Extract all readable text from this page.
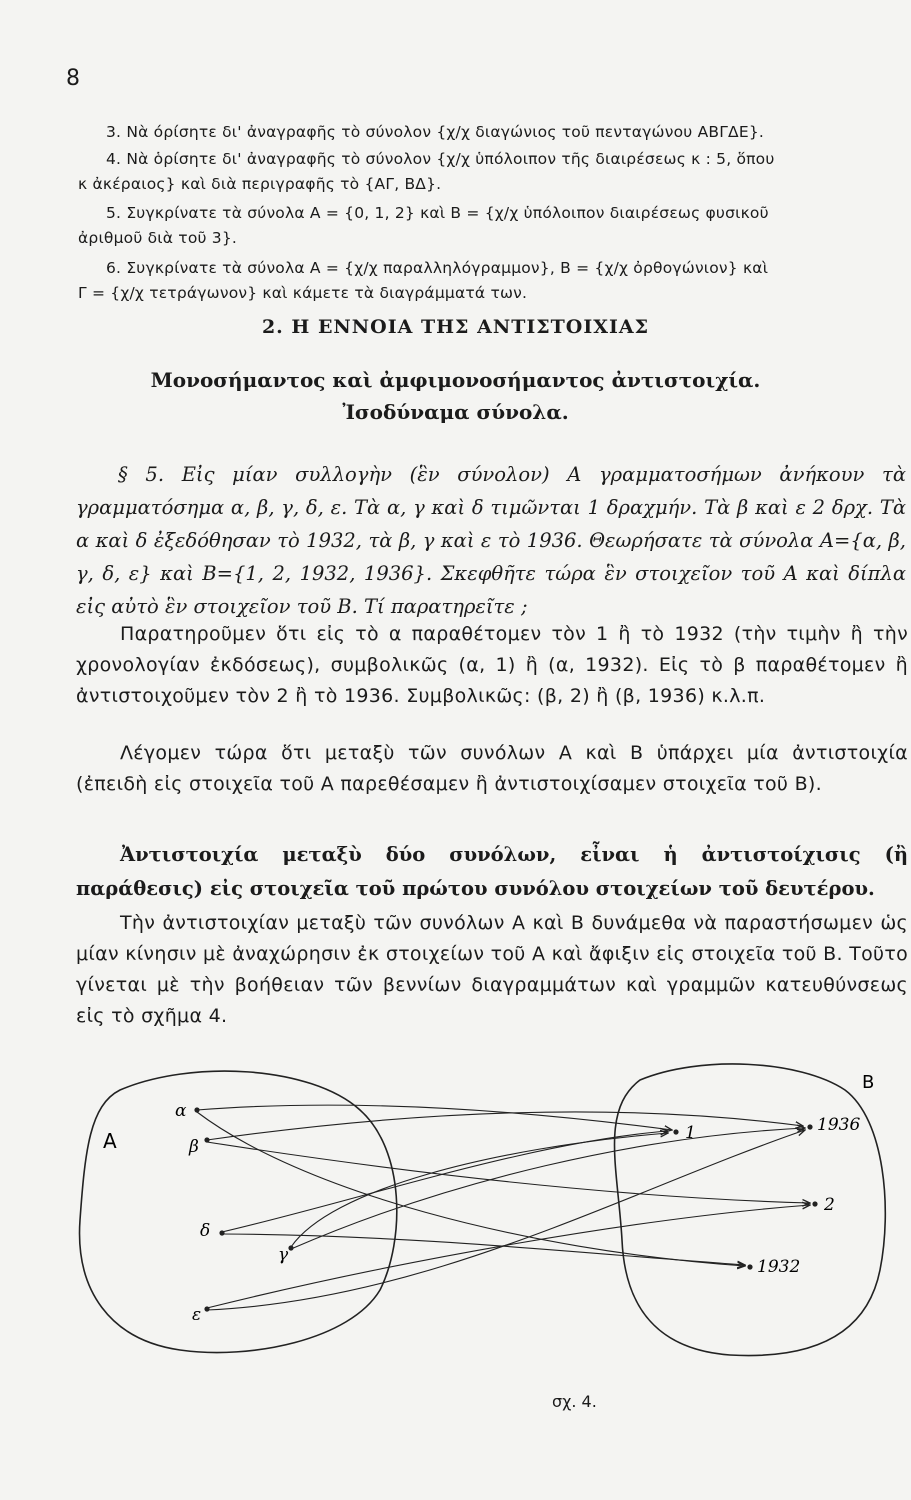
8
3. Νὰ όρίσητε δι' ἀναγραφῆς τὸ σύνολον {χ/χ διαγώνιος τοῦ πενταγώνου ΑΒΓΔΕ}.
4. Νὰ ὁρίσητε δι' ἀναγραφῆς τὸ σύνολον {χ/χ ὑπόλοιπον τῆς διαιρέσεως κ : 5, ὅπου
κ ἀκέραιος} καὶ διὰ περιγραφῆς τὸ {ΑΓ, ΒΔ}.
5. Συγκρίνατε τὰ σύνολα Α = {0, 1, 2} καὶ Β = {χ/χ ὑπόλοιπον διαιρέσεως φυσικοῦ
ἀριθμοῦ διὰ τοῦ 3}.
6. Συγκρίνατε τὰ σύνολα Α = {χ/χ παραλληλόγραμμον}, Β = {χ/χ ὀρθογώνιον} καὶ
Γ = {χ/χ τετράγωνον} καὶ κάμετε τὰ διαγράμματά των.
2. Η ΕΝΝΟΙΑ ΤΗΣ ΑΝΤΙΣΤΟΙΧΙΑΣ
Μονοσήμαντος καὶ ἀμφιμονοσήμαντος ἀντιστοιχία.
Ἰσοδύναμα σύνολα.
§ 5. Εἰς μίαν συλλογὴν (ἓν σύνολον) Α γραμματοσήμων ἀνήκουν τὰ γραμματόσημα α, β, γ, δ, ε. Τὰ α, γ καὶ δ τιμῶνται 1 δραχμήν. Τὰ β καὶ ε 2 δρχ. Τὰ α καὶ δ ἐξεδόθησαν τὸ 1932, τὰ β, γ καὶ ε τὸ 1936. Θεωρήσατε τὰ σύνολα Α={α, β, γ, δ, ε} καὶ Β={1, 2, 1932, 1936}. Σκεφθῆτε τώρα ἓν στοιχεῖον τοῦ Α καὶ δίπλα εἰς αὐτὸ ἓν στοιχεῖον τοῦ Β. Τί παρατηρεῖτε ;
Παρατηροῦμεν ὅτι εἰς τὸ α παραθέτομεν τὸν 1 ἢ τὸ 1932 (τὴν τιμὴν ἢ τὴν χρονολογίαν ἐκδόσεως), συμβολικῶς (α, 1) ἢ (α, 1932). Εἰς τὸ β παραθέτομεν ἢ ἀντιστοιχοῦμεν τὸν 2 ἢ τὸ 1936. Συμβολικῶς: (β, 2) ἢ (β, 1936) κ.λ.π.
Λέγομεν τώρα ὅτι μεταξὺ τῶν συνόλων Α καὶ Β ὑπάρχει μία ἀντιστοιχία (ἐπειδὴ εἰς στοιχεῖα τοῦ Α παρεθέσαμεν ἢ ἀντιστοιχίσαμεν στοιχεῖα τοῦ Β).
Ἀντιστοιχία μεταξὺ δύο συνόλων, εἶναι ἡ ἀντιστοίχισις (ἢ παράθεσις) εἰς στοιχεῖα τοῦ πρώτου συνόλου στοιχείων τοῦ δευτέρου.
Τὴν ἀντιστοιχίαν μεταξὺ τῶν συνόλων Α καὶ Β δυνάμεθα νὰ παραστήσωμεν ὡς μίαν κίνησιν μὲ ἀναχώρησιν ἐκ στοιχείων τοῦ Α καὶ ἄφιξιν εἰς στοιχεῖα τοῦ Β. Τοῦτο γίνεται μὲ τὴν βοήθειαν τῶν βεννίων διαγραμμάτων καὶ γραμμῶν κατευθύνσεως εἰς τὸ σχῆμα 4.
Α
Β
α
β
γ
δ
ε
1	1936
2
1932
σχ. 4.
